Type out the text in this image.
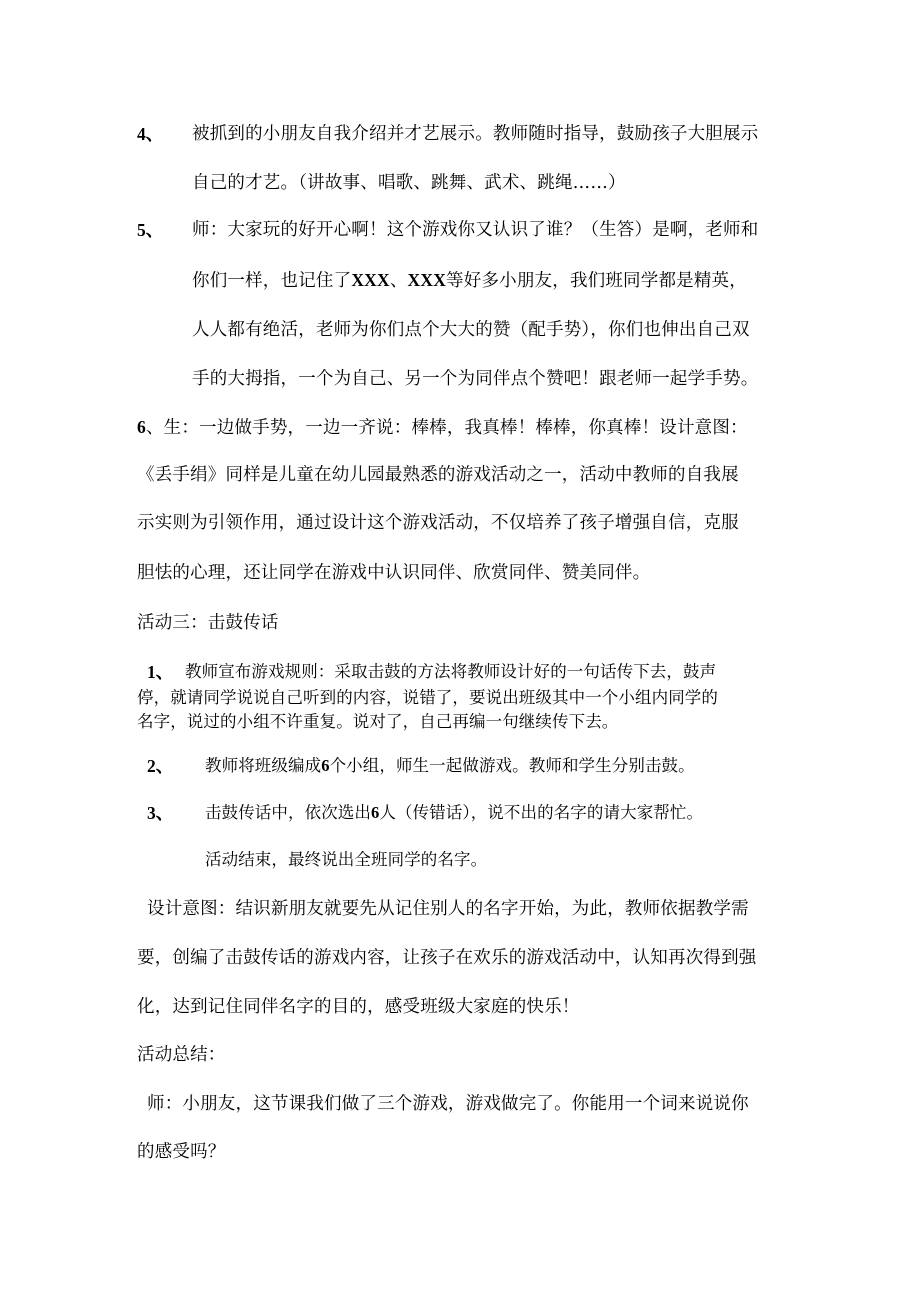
4、 被抓到的小朋友自我介绍并才艺展示。教师随时指导，鼓励孩子大胆展示
自己的才艺。（讲故事、唱歌、跳舞、武术、跳绳……）
5、 师：大家玩的好开心啊！这个游戏你又认识了谁？（生答）是啊，老师和
你们一样，也记住了XXX、XXX等好多小朋友，我们班同学都是精英，
人人都有绝活，老师为你们点个大大的赞（配手势），你们也伸出自己双
手的大拇指，一个为自己、另一个为同伴点个赞吧！跟老师一起学手势。
6、生：一边做手势，一边一齐说：棒棒，我真棒！棒棒，你真棒！设计意图：
《丢手绢》同样是儿童在幼儿园最熟悉的游戏活动之一，活动中教师的自我展
示实则为引领作用，通过设计这个游戏活动，不仅培养了孩子增强自信，克服
胆怯的心理，还让同学在游戏中认识同伴、欣赏同伴、赞美同伴。
活动三：击鼓传话
1、 教师宣布游戏规则：采取击鼓的方法将教师设计好的一句话传下去，鼓声
停，就请同学说说自己听到的内容，说错了，要说出班级其中一个小组内同学的
名字，说过的小组不许重复。说对了，自己再编一句继续传下去。
2、 教师将班级编成6个小组，师生一起做游戏。教师和学生分别击鼓。
3、 击鼓传话中，依次选出6人（传错话），说不出的名字的请大家帮忙。
活动结束，最终说出全班同学的名字。
设计意图：结识新朋友就要先从记住别人的名字开始，为此，教师依据教学需
要，创编了击鼓传话的游戏内容，让孩子在欢乐的游戏活动中，认知再次得到强
化，达到记住同伴名字的目的，感受班级大家庭的快乐！
活动总结：
师：小朋友，这节课我们做了三个游戏，游戏做完了。你能用一个词来说说你
的感受吗？
